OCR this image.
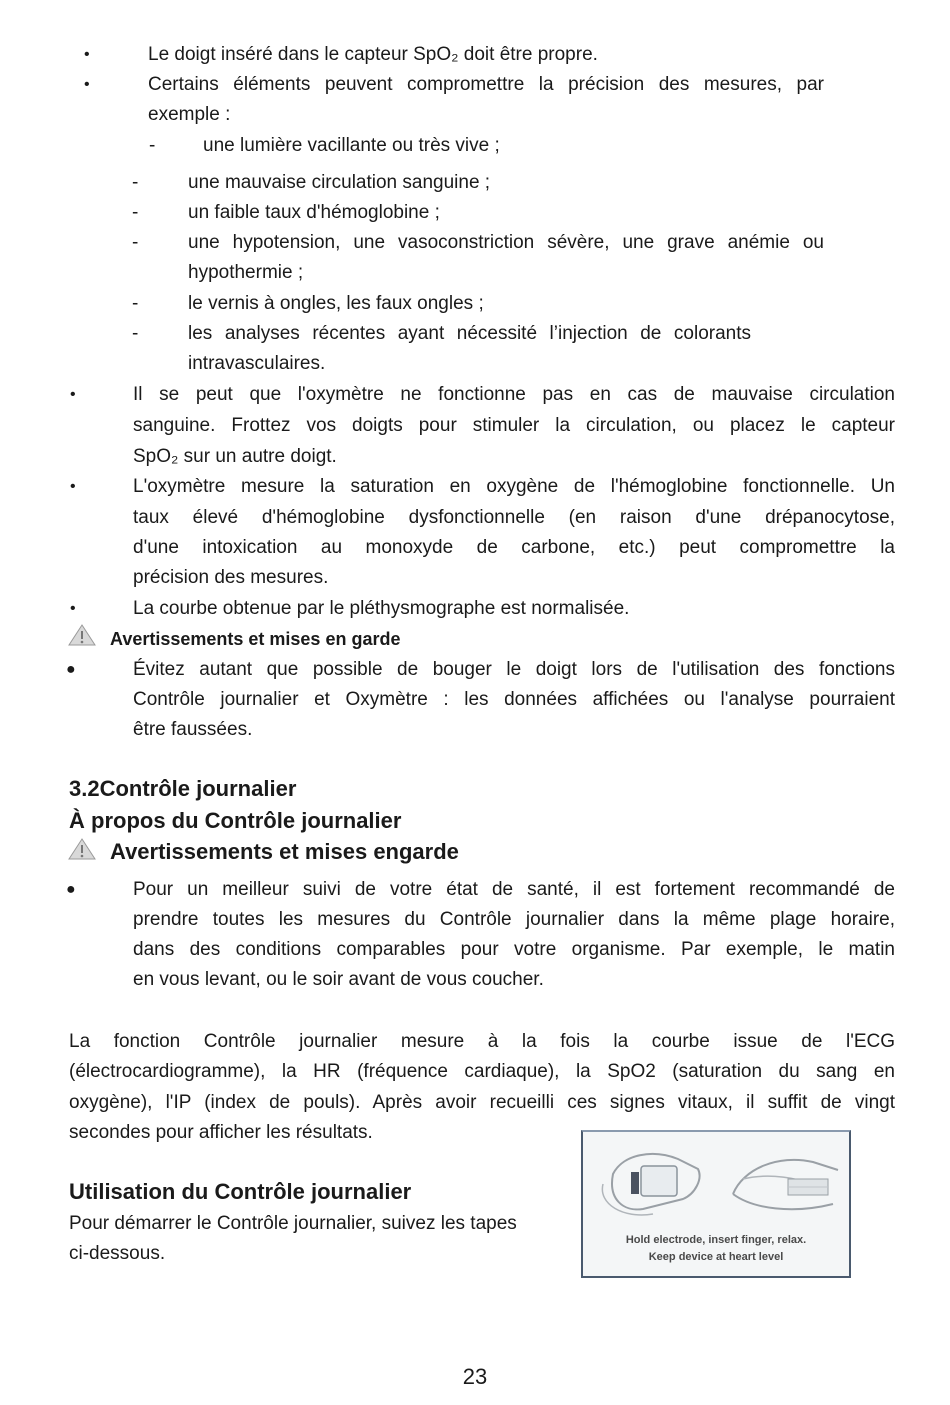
•	Le doigt inséré dans le capteur SpO₂ doit être propre.
•	Certains éléments peuvent compromettre la précision des mesures, par
exemple :
-	une lumière vacillante ou très vive ;
-	une mauvaise circulation sanguine ;
-	un faible taux d'hémoglobine ;
-	une hypotension, une vasoconstriction sévère, une grave anémie ou
hypothermie ;
-	le vernis à ongles, les faux ongles ;
-	les analyses récentes ayant nécessité l’injection de colorants
intravasculaires.
•	Il se peut que l'oxymètre ne fonctionne pas en cas de mauvaise circulation
sanguine. Frottez vos doigts pour stimuler la circulation, ou placez le capteur
SpO₂ sur un autre doigt.
•	L'oxymètre mesure la saturation en oxygène de l'hémoglobine fonctionnelle. Un
taux élevé d'hémoglobine dysfonctionnelle (en raison d'une drépanocytose,
d'une intoxication au monoxyde de carbone, etc.) peut compromettre la
précision des mesures.
•	La courbe obtenue par le pléthysmographe est normalisée.
Avertissements et mises en garde
●	Évitez autant que possible de bouger le doigt lors de l'utilisation des fonctions
Contrôle journalier et Oxymètre : les données affichées ou l'analyse pourraient
être faussées.
3.2Contrôle journalier
À propos du Contrôle journalier
Avertissements et mises engarde
●	Pour un meilleur suivi de votre état de santé, il est fortement recommandé de
prendre toutes les mesures du Contrôle journalier dans la même plage horaire,
dans des conditions comparables pour votre organisme. Par exemple, le matin
en vous levant, ou le soir avant de vous coucher.
La fonction Contrôle journalier mesure à la fois la courbe issue de l'ECG
(électrocardiogramme), la HR (fréquence cardiaque), la SpO2 (saturation du sang en
oxygène), l'IP (index de pouls). Après avoir recueilli ces signes vitaux, il suffit de vingt
secondes pour afficher les résultats.
Utilisation du Contrôle journalier
Pour démarrer le Contrôle journalier, suivez les tapes
ci-dessous.
Hold electrode, insert finger, relax.
Keep device at heart level
23
